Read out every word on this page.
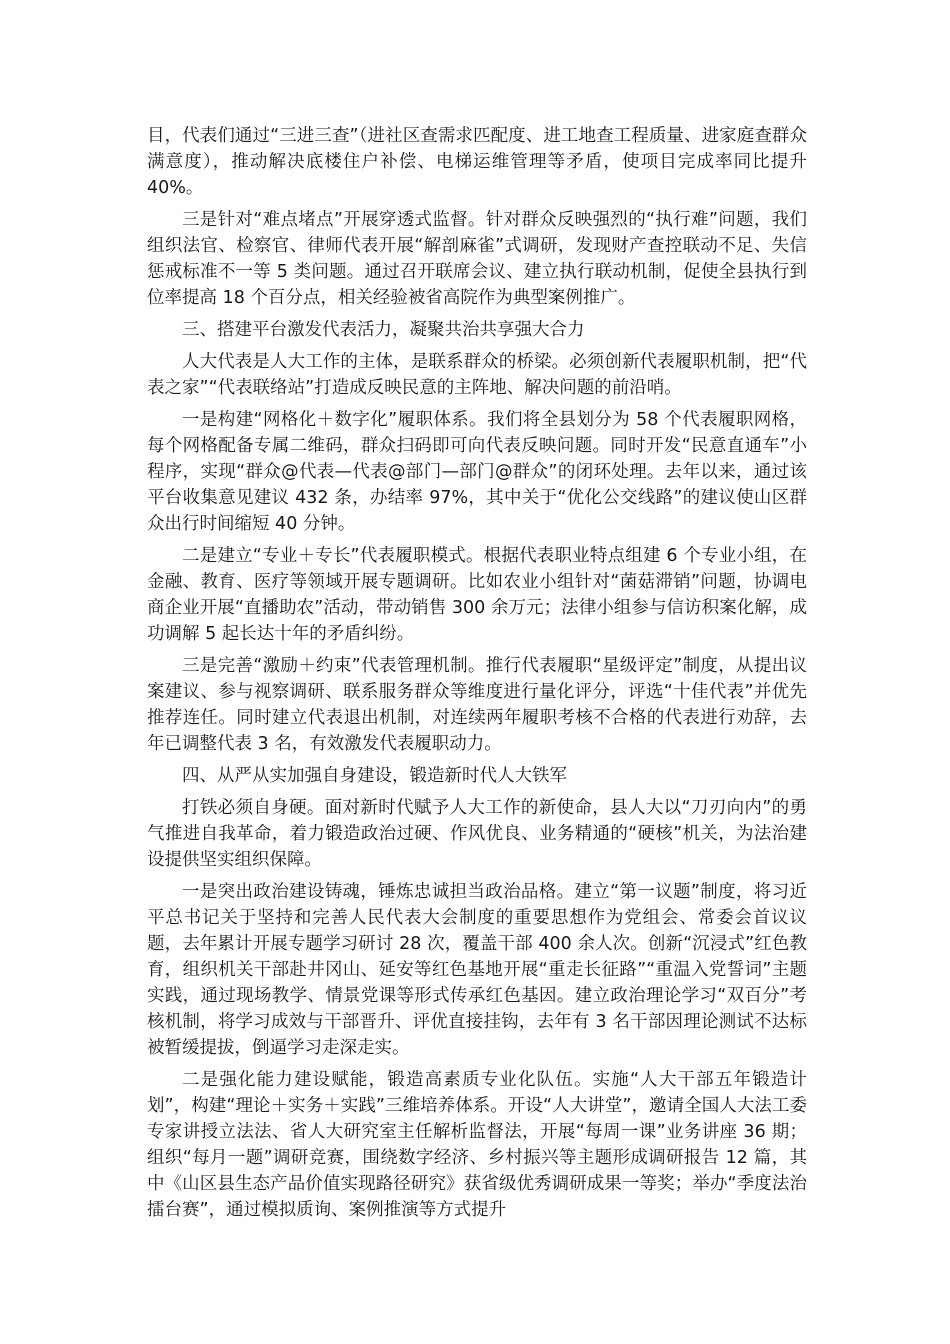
目，代表们通过“三进三查”（进社区查需求匹配度、进工地查工程质量、进家庭查群众满意度），推动解决底楼住户补偿、电梯运维管理等矛盾，使项目完成率同比提升 40%。

三是针对“难点堵点”开展穿透式监督。针对群众反映强烈的“执行难”问题，我们组织法官、检察官、律师代表开展“解剖麻雀”式调研，发现财产查控联动不足、失信惩戒标准不一等 5 类问题。通过召开联席会议、建立执行联动机制，促使全县执行到位率提高 18 个百分点，相关经验被省高院作为典型案例推广。

三、搭建平台激发代表活力，凝聚共治共享强大合力

人大代表是人大工作的主体，是联系群众的桥梁。必须创新代表履职机制，把“代表之家”“代表联络站”打造成反映民意的主阵地、解决问题的前沿哨。

一是构建“网格化＋数字化”履职体系。我们将全县划分为 58 个代表履职网格，每个网格配备专属二维码，群众扫码即可向代表反映问题。同时开发“民意直通车”小程序，实现“群众@代表—代表@部门—部门@群众”的闭环处理。去年以来，通过该平台收集意见建议 432 条，办结率 97%，其中关于“优化公交线路”的建议使山区群众出行时间缩短 40 分钟。

二是建立“专业＋专长”代表履职模式。根据代表职业特点组建 6 个专业小组，在金融、教育、医疗等领域开展专题调研。比如农业小组针对“菌菇滞销”问题，协调电商企业开展“直播助农”活动，带动销售 300 余万元；法律小组参与信访积案化解，成功调解 5 起长达十年的矛盾纠纷。

三是完善“激励＋约束”代表管理机制。推行代表履职“星级评定”制度，从提出议案建议、参与视察调研、联系服务群众等维度进行量化评分，评选“十佳代表”并优先推荐连任。同时建立代表退出机制，对连续两年履职考核不合格的代表进行劝辞，去年已调整代表 3 名，有效激发代表履职动力。

四、从严从实加强自身建设，锻造新时代人大铁军

打铁必须自身硬。面对新时代赋予人大工作的新使命，县人大以“刀刃向内”的勇气推进自我革命，着力锻造政治过硬、作风优良、业务精通的“硬核”机关，为法治建设提供坚实组织保障。

一是突出政治建设铸魂，锤炼忠诚担当政治品格。建立“第一议题”制度，将习近平总书记关于坚持和完善人民代表大会制度的重要思想作为党组会、常委会首议议题，去年累计开展专题学习研讨 28 次，覆盖干部 400 余人次。创新“沉浸式”红色教育，组织机关干部赴井冈山、延安等红色基地开展“重走长征路”“重温入党誓词”主题实践，通过现场教学、情景党课等形式传承红色基因。建立政治理论学习“双百分”考核机制，将学习成效与干部晋升、评优直接挂钩，去年有 3 名干部因理论测试不达标被暂缓提拔，倒逼学习走深走实。

二是强化能力建设赋能，锻造高素质专业化队伍。实施“人大干部五年锻造计划”，构建“理论＋实务＋实践”三维培养体系。开设“人大讲堂”，邀请全国人大法工委专家讲授立法法、省人大研究室主任解析监督法，开展“每周一课”业务讲座 36 期；组织“每月一题”调研竞赛，围绕数字经济、乡村振兴等主题形成调研报告 12 篇，其中《山区县生态产品价值实现路径研究》获省级优秀调研成果一等奖；举办“季度法治擂台赛”，通过模拟质询、案例推演等方式提升
